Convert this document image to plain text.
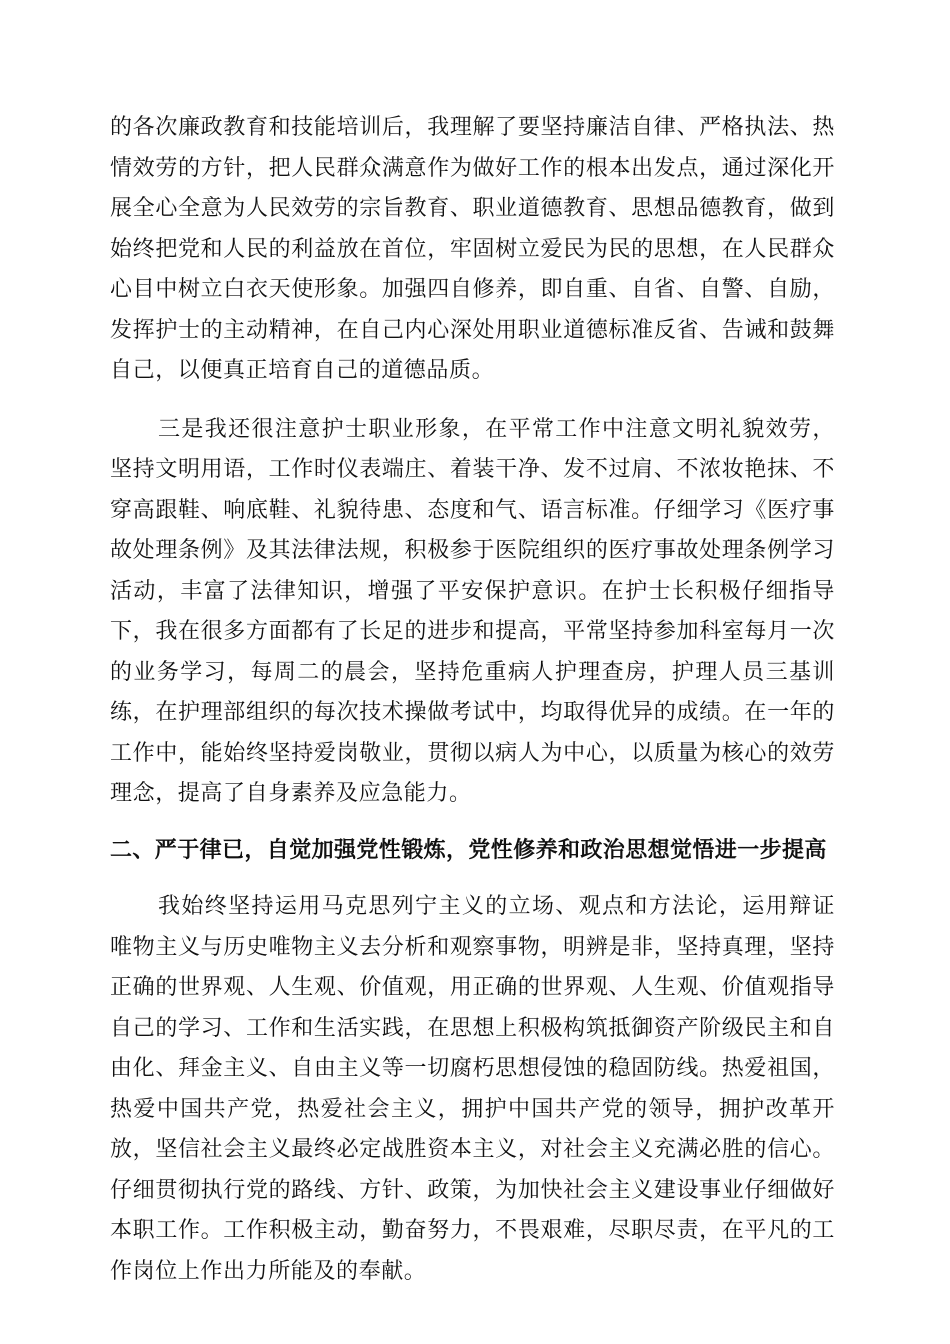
的各次廉政教育和技能培训后，我理解了要坚持廉洁自律、严格执法、热情效劳的方针，把人民群众满意作为做好工作的根本出发点，通过深化开展全心全意为人民效劳的宗旨教育、职业道德教育、思想品德教育，做到始终把党和人民的利益放在首位，牢固树立爱民为民的思想，在人民群众心目中树立白衣天使形象。加强四自修养，即自重、自省、自警、自励，发挥护士的主动精神，在自己内心深处用职业道德标准反省、告诫和鼓舞自己，以便真正培育自己的道德品质。

三是我还很注意护士职业形象，在平常工作中注意文明礼貌效劳，坚持文明用语，工作时仪表端庄、着装干净、发不过肩、不浓妆艳抹、不穿高跟鞋、响底鞋、礼貌待患、态度和气、语言标准。仔细学习《医疗事故处理条例》及其法律法规，积极参于医院组织的医疗事故处理条例学习活动，丰富了法律知识，增强了平安保护意识。在护士长积极仔细指导下，我在很多方面都有了长足的进步和提高，平常坚持参加科室每月一次的业务学习，每周二的晨会，坚持危重病人护理查房，护理人员三基训练，在护理部组织的每次技术操做考试中，均取得优异的成绩。在一年的工作中，能始终坚持爱岗敬业，贯彻以病人为中心，以质量为核心的效劳理念，提高了自身素养及应急能力。

二、严于律已，自觉加强党性锻炼，党性修养和政治思想觉悟进一步提高

我始终坚持运用马克思列宁主义的立场、观点和方法论，运用辩证唯物主义与历史唯物主义去分析和观察事物，明辨是非，坚持真理，坚持正确的世界观、人生观、价值观，用正确的世界观、人生观、价值观指导自己的学习、工作和生活实践，在思想上积极构筑抵御资产阶级民主和自由化、拜金主义、自由主义等一切腐朽思想侵蚀的稳固防线。热爱祖国，热爱中国共产党，热爱社会主义，拥护中国共产党的领导，拥护改革开放，坚信社会主义最终必定战胜资本主义，对社会主义充满必胜的信心。仔细贯彻执行党的路线、方针、政策，为加快社会主义建设事业仔细做好本职工作。工作积极主动，勤奋努力，不畏艰难，尽职尽责，在平凡的工作岗位上作出力所能及的奉献。
